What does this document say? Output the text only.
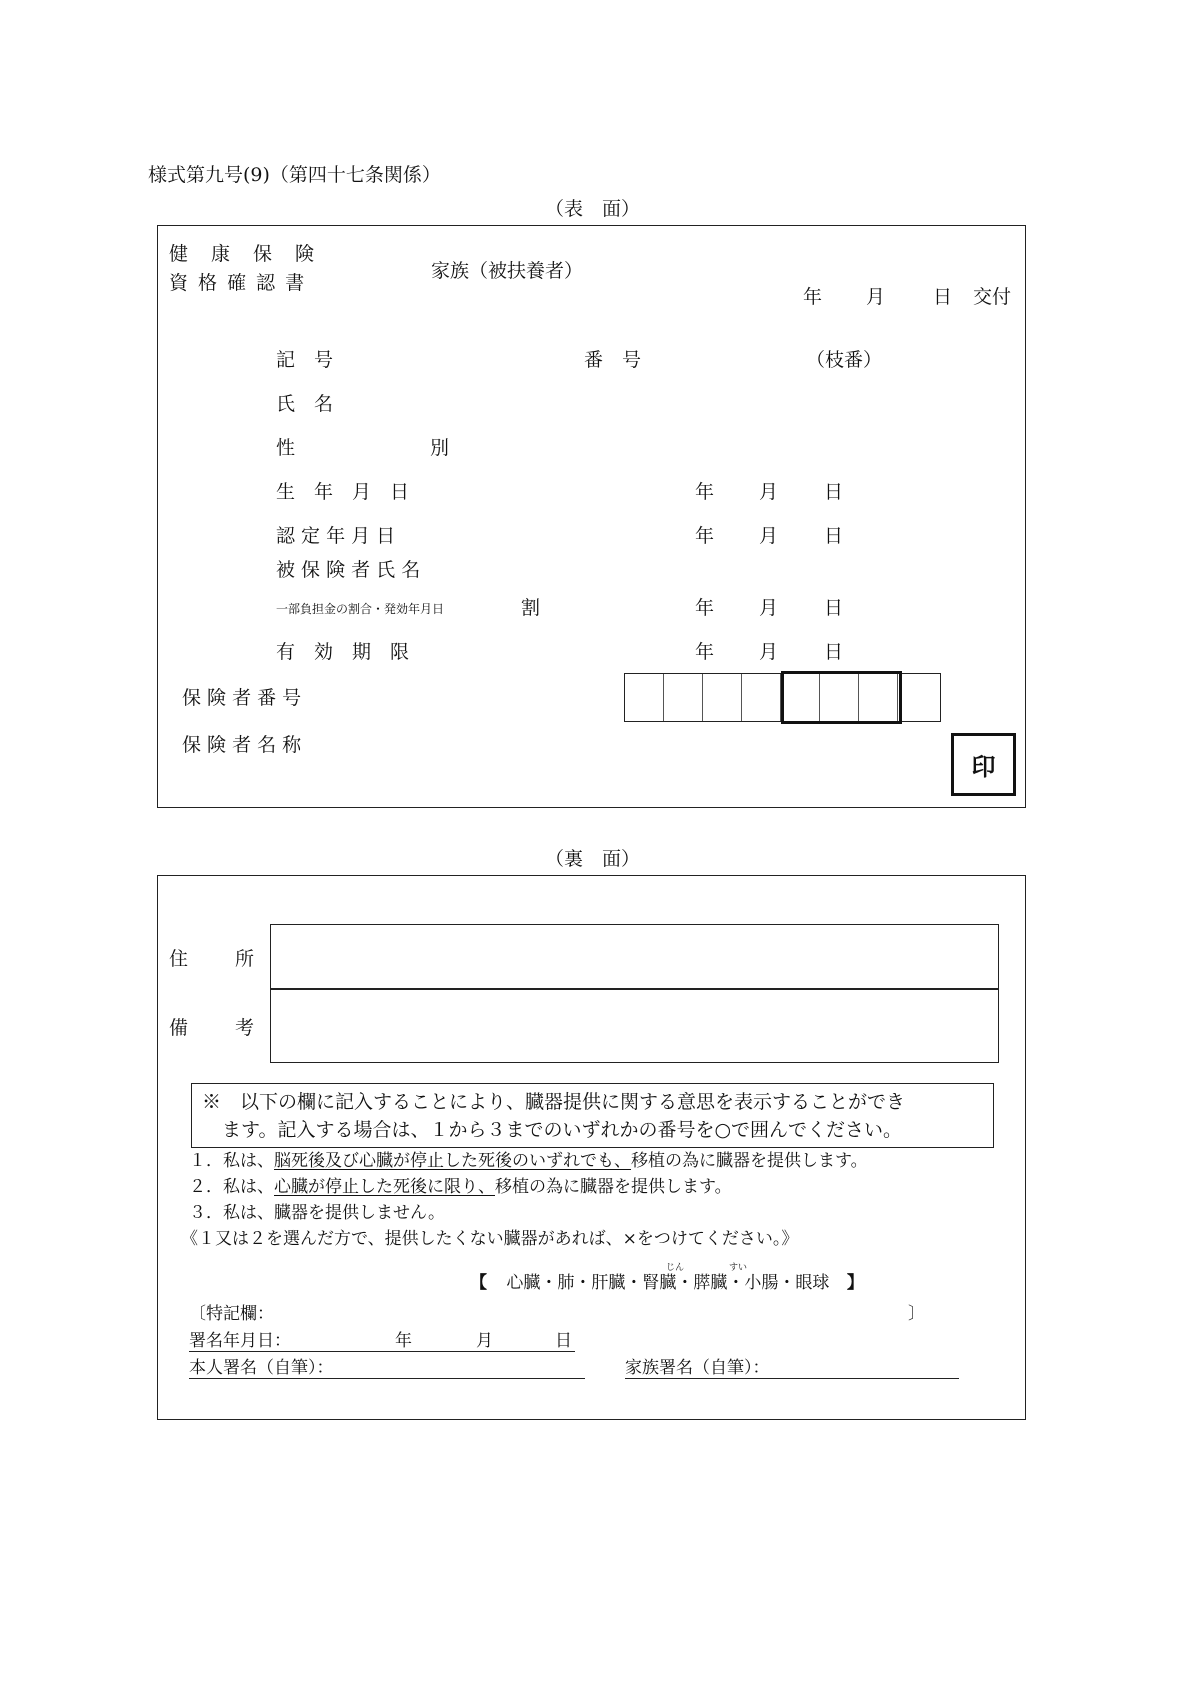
様式第九号(9)（第四十七条関係）
（表　面）
健　康　保　険
資 格 確 認 書
家族（被扶養者）
年 月	日 交付
記　号	番　号	（枝番）
氏　名
性	別
生　年　月　日	年 月 日
認 定 年 月 日	年 月 日
被 保 険 者 氏 名
一部負担金の割合・発効年月日	割	年 月 日
有　効　期　限	年 月 日
保 険 者 番 号
保 険 者 名 称
印
（裏　面）
住 所
備 考
※　以下の欄に記入することにより、臓器提供に関する意思を表示することができ
ます。記入する場合は、１から３までのいずれかの番号を○で囲んでください。
１．私は、脳死後及び心臓が停止した死後のいずれでも、移植の為に臓器を提供します。
２．私は、心臓が停止した死後に限り、移植の為に臓器を提供します。
３．私は、臓器を提供しません。
《１又は２を選んだ方で、提供したくない臓器があれば、×をつけてください。》
【 心臓・肺・肝臓・腎臓・膵臓・小腸・眼球 】
じん	すい
〔特記欄：	〕
署名年月日：	年	月	日
本人署名（自筆）：	家族署名（自筆）：
